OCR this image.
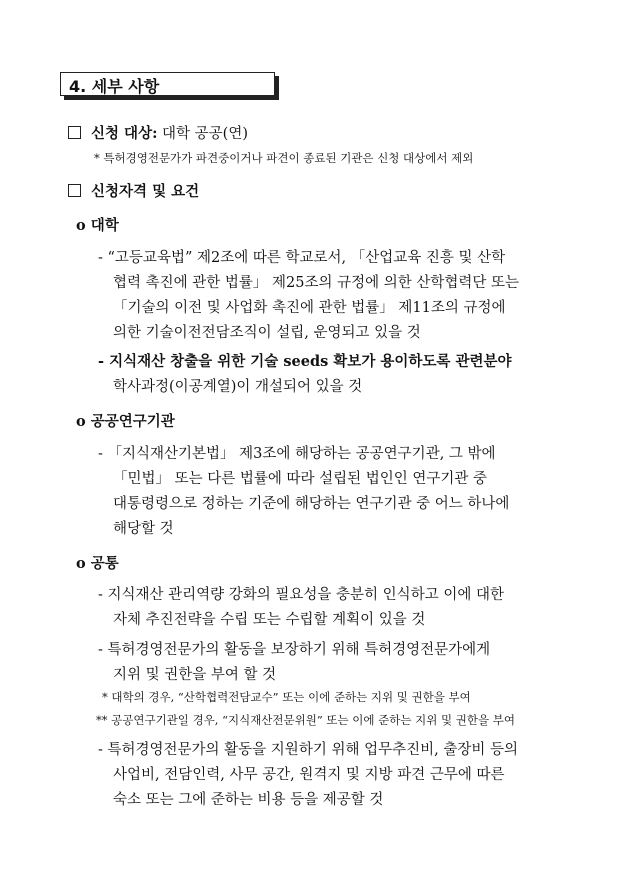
4. 세부 사항
신청 대상: 대학 공공(연)
* 특허경영전문가가 파견중이거나 파견이 종료된 기관은 신청 대상에서 제외
신청자격 및 요건
o 대학
- “고등교육법” 제2조에 따른 학교로서, 「산업교육 진흥 및 산학
협력 촉진에 관한 법률」 제25조의 규정에 의한 산학협력단 또는
「기술의 이전 및 사업화 촉진에 관한 법률」 제11조의 규정에
의한 기술이전전담조직이 설립, 운영되고 있을 것
- 지식재산 창출을 위한 기술 seeds 확보가 용이하도록 관련분야
학사과정(이공계열)이 개설되어 있을 것
o 공공연구기관
- 「지식재산기본법」 제3조에 해당하는 공공연구기관, 그 밖에
「민법」 또는 다른 법률에 따라 설립된 법인인 연구기관 중
대통령령으로 정하는 기준에 해당하는 연구기관 중 어느 하나에
해당할 것
o 공통
- 지식재산 관리역량 강화의 필요성을 충분히 인식하고 이에 대한
자체 추진전략을 수립 또는 수립할 계획이 있을 것
- 특허경영전문가의 활동을 보장하기 위해 특허경영전문가에게
지위 및 권한을 부여 할 것
* 대학의 경우, “산학협력전담교수” 또는 이에 준하는 지위 및 권한을 부여
** 공공연구기관일 경우, “지식재산전문위원” 또는 이에 준하는 지위 및 권한을 부여
- 특허경영전문가의 활동을 지원하기 위해 업무추진비, 출장비 등의
사업비, 전담인력, 사무 공간, 원격지 및 지방 파견 근무에 따른
숙소 또는 그에 준하는 비용 등을 제공할 것
